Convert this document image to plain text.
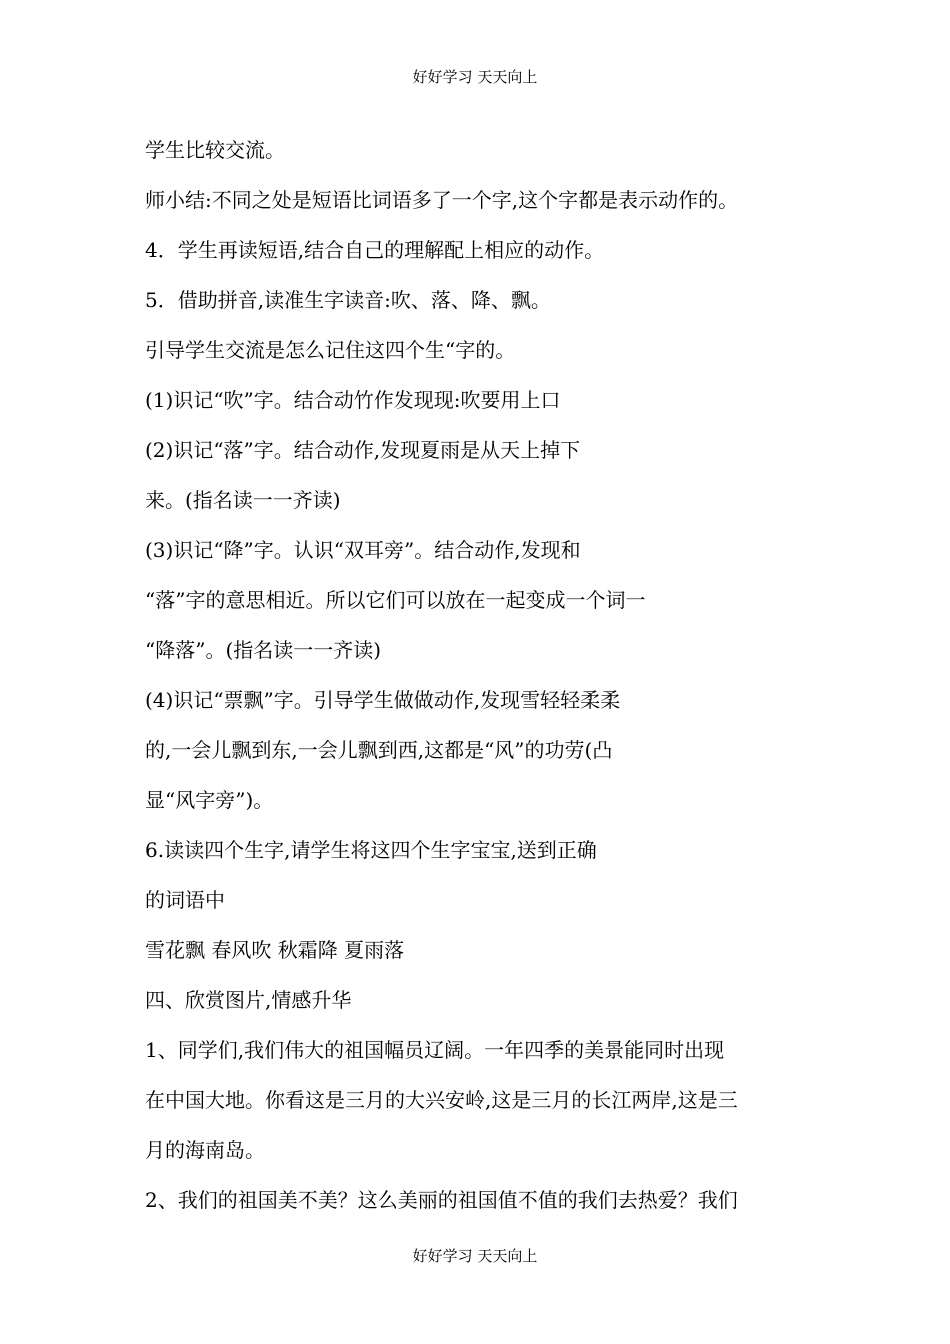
好好学习 天天向上
学生比较交流。
师小结:不同之处是短语比词语多了一个字,这个字都是表示动作的。
4．学生再读短语,结合自己的理解配上相应的动作。
5．借助拼音,读准生字读音:吹、落、降、飘。
引导学生交流是怎么记住这四个生“字的。
(1)识记“吹”字。结合动竹作发现现:吹要用上口
(2)识记“落”字。结合动作,发现夏雨是从天上掉下
来。(指名读一一齐读)
(3)识记“降”字。认识“双耳旁”。结合动作,发现和
“落”字的意思相近。所以它们可以放在一起变成一个词一
“降落”。(指名读一一齐读)
(4)识记“票飘”字。引导学生做做动作,发现雪轻轻柔柔
的,一会儿飘到东,一会儿飘到西,这都是“风”的功劳(凸
显“风字旁”)。
6.读读四个生字,请学生将这四个生字宝宝,送到正确
的词语中
雪花飘 春风吹 秋霜降 夏雨落
四、欣赏图片,情感升华
1、同学们,我们伟大的祖国幅员辽阔。一年四季的美景能同时出现
在中国大地。你看这是三月的大兴安岭,这是三月的长江两岸,这是三
月的海南岛。
2、我们的祖国美不美？这么美丽的祖国值不值的我们去热爱？我们
好好学习 天天向上
